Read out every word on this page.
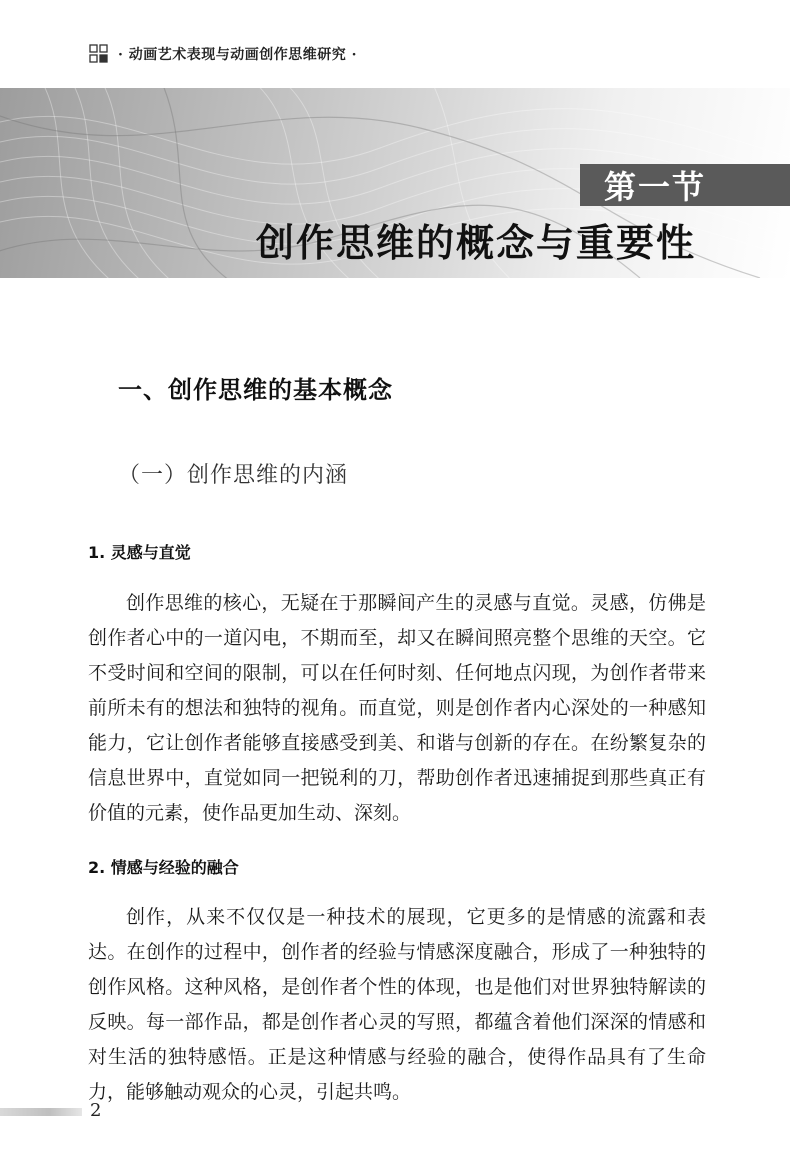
· 动画艺术表现与动画创作思维研究 ·
第一节
创作思维的概念与重要性
一、创作思维的基本概念
（一）创作思维的内涵
1. 灵感与直觉

创作思维的核心，无疑在于那瞬间产生的灵感与直觉。灵感，仿佛是创作者心中的一道闪电，不期而至，却又在瞬间照亮整个思维的天空。它不受时间和空间的限制，可以在任何时刻、任何地点闪现，为创作者带来前所未有的想法和独特的视角。而直觉，则是创作者内心深处的一种感知能力，它让创作者能够直接感受到美、和谐与创新的存在。在纷繁复杂的信息世界中，直觉如同一把锐利的刀，帮助创作者迅速捕捉到那些真正有价值的元素，使作品更加生动、深刻。

2. 情感与经验的融合

创作，从来不仅仅是一种技术的展现，它更多的是情感的流露和表达。在创作的过程中，创作者的经验与情感深度融合，形成了一种独特的创作风格。这种风格，是创作者个性的体现，也是他们对世界独特解读的反映。每一部作品，都是创作者心灵的写照，都蕴含着他们深深的情感和对生活的独特感悟。正是这种情感与经验的融合，使得作品具有了生命力，能够触动观众的心灵，引起共鸣。

2
